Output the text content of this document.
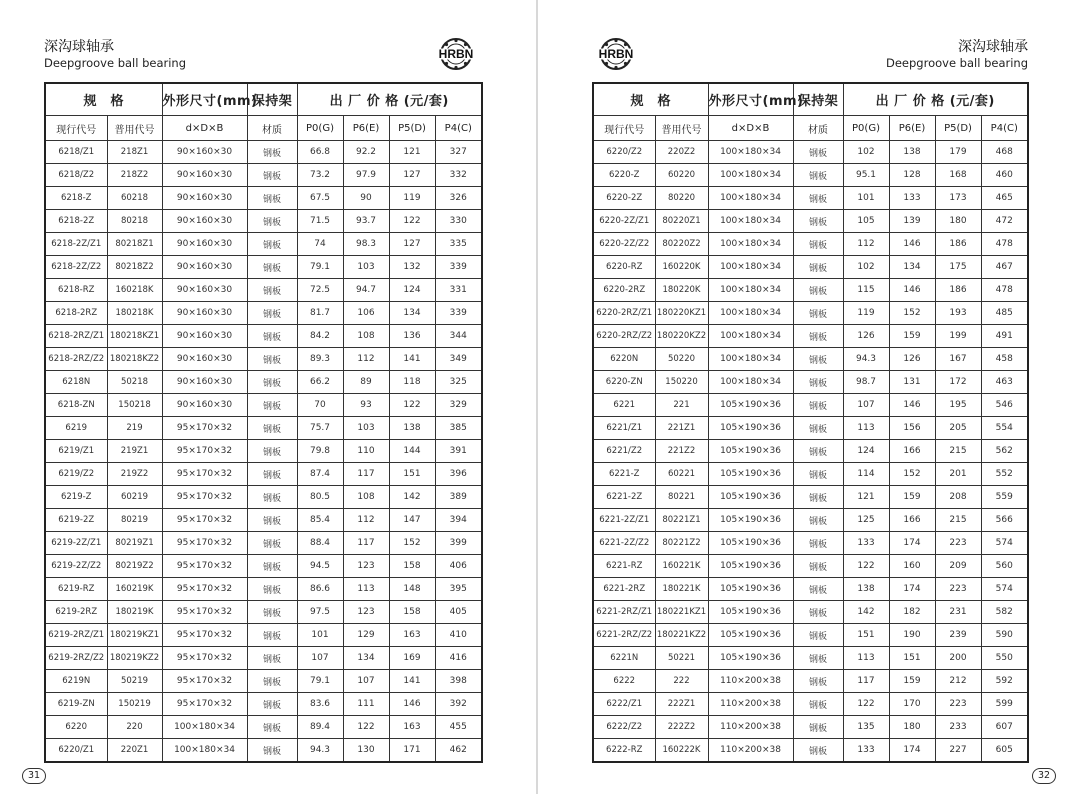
深沟球轴承
Deepgroove ball bearing
HRBN
规　格		外形尺寸(mm)	保持架	出 厂 价 格 (元/套)			
现行代号	普用代号	d×D×B	材质	P0(G)	P6(E)	P5(D)	P4(C)
6218/Z1	218Z1	90×160×30	钢板	66.8	92.2	121	327
6218/Z2	218Z2	90×160×30	钢板	73.2	97.9	127	332
6218-Z	60218	90×160×30	钢板	67.5	90	119	326
6218-2Z	80218	90×160×30	钢板	71.5	93.7	122	330
6218-2Z/Z1	80218Z1	90×160×30	钢板	74	98.3	127	335
6218-2Z/Z2	80218Z2	90×160×30	钢板	79.1	103	132	339
6218-RZ	160218K	90×160×30	钢板	72.5	94.7	124	331
6218-2RZ	180218K	90×160×30	钢板	81.7	106	134	339
6218-2RZ/Z1	180218KZ1	90×160×30	钢板	84.2	108	136	344
6218-2RZ/Z2	180218KZ2	90×160×30	钢板	89.3	112	141	349
6218N	50218	90×160×30	钢板	66.2	89	118	325
6218-ZN	150218	90×160×30	钢板	70	93	122	329
6219	219	95×170×32	钢板	75.7	103	138	385
6219/Z1	219Z1	95×170×32	钢板	79.8	110	144	391
6219/Z2	219Z2	95×170×32	钢板	87.4	117	151	396
6219-Z	60219	95×170×32	钢板	80.5	108	142	389
6219-2Z	80219	95×170×32	钢板	85.4	112	147	394
6219-2Z/Z1	80219Z1	95×170×32	钢板	88.4	117	152	399
6219-2Z/Z2	80219Z2	95×170×32	钢板	94.5	123	158	406
6219-RZ	160219K	95×170×32	钢板	86.6	113	148	395
6219-2RZ	180219K	95×170×32	钢板	97.5	123	158	405
6219-2RZ/Z1	180219KZ1	95×170×32	钢板	101	129	163	410
6219-2RZ/Z2	180219KZ2	95×170×32	钢板	107	134	169	416
6219N	50219	95×170×32	钢板	79.1	107	141	398
6219-ZN	150219	95×170×32	钢板	83.6	111	146	392
6220	220	100×180×34	钢板	89.4	122	163	455
6220/Z1	220Z1	100×180×34	钢板	94.3	130	171	462
31
深沟球轴承
Deepgroove ball bearing
HRBN
规　格		外形尺寸(mm)	保持架	出 厂 价 格 (元/套)			
现行代号	普用代号	d×D×B	材质	P0(G)	P6(E)	P5(D)	P4(C)
6220/Z2	220Z2	100×180×34	钢板	102	138	179	468
6220-Z	60220	100×180×34	钢板	95.1	128	168	460
6220-2Z	80220	100×180×34	钢板	101	133	173	465
6220-2Z/Z1	80220Z1	100×180×34	钢板	105	139	180	472
6220-2Z/Z2	80220Z2	100×180×34	钢板	112	146	186	478
6220-RZ	160220K	100×180×34	钢板	102	134	175	467
6220-2RZ	180220K	100×180×34	钢板	115	146	186	478
6220-2RZ/Z1	180220KZ1	100×180×34	钢板	119	152	193	485
6220-2RZ/Z2	180220KZ2	100×180×34	钢板	126	159	199	491
6220N	50220	100×180×34	钢板	94.3	126	167	458
6220-ZN	150220	100×180×34	钢板	98.7	131	172	463
6221	221	105×190×36	钢板	107	146	195	546
6221/Z1	221Z1	105×190×36	钢板	113	156	205	554
6221/Z2	221Z2	105×190×36	钢板	124	166	215	562
6221-Z	60221	105×190×36	钢板	114	152	201	552
6221-2Z	80221	105×190×36	钢板	121	159	208	559
6221-2Z/Z1	80221Z1	105×190×36	钢板	125	166	215	566
6221-2Z/Z2	80221Z2	105×190×36	钢板	133	174	223	574
6221-RZ	160221K	105×190×36	钢板	122	160	209	560
6221-2RZ	180221K	105×190×36	钢板	138	174	223	574
6221-2RZ/Z1	180221KZ1	105×190×36	钢板	142	182	231	582
6221-2RZ/Z2	180221KZ2	105×190×36	钢板	151	190	239	590
6221N	50221	105×190×36	钢板	113	151	200	550
6222	222	110×200×38	钢板	117	159	212	592
6222/Z1	222Z1	110×200×38	钢板	122	170	223	599
6222/Z2	222Z2	110×200×38	钢板	135	180	233	607
6222-RZ	160222K	110×200×38	钢板	133	174	227	605
32
